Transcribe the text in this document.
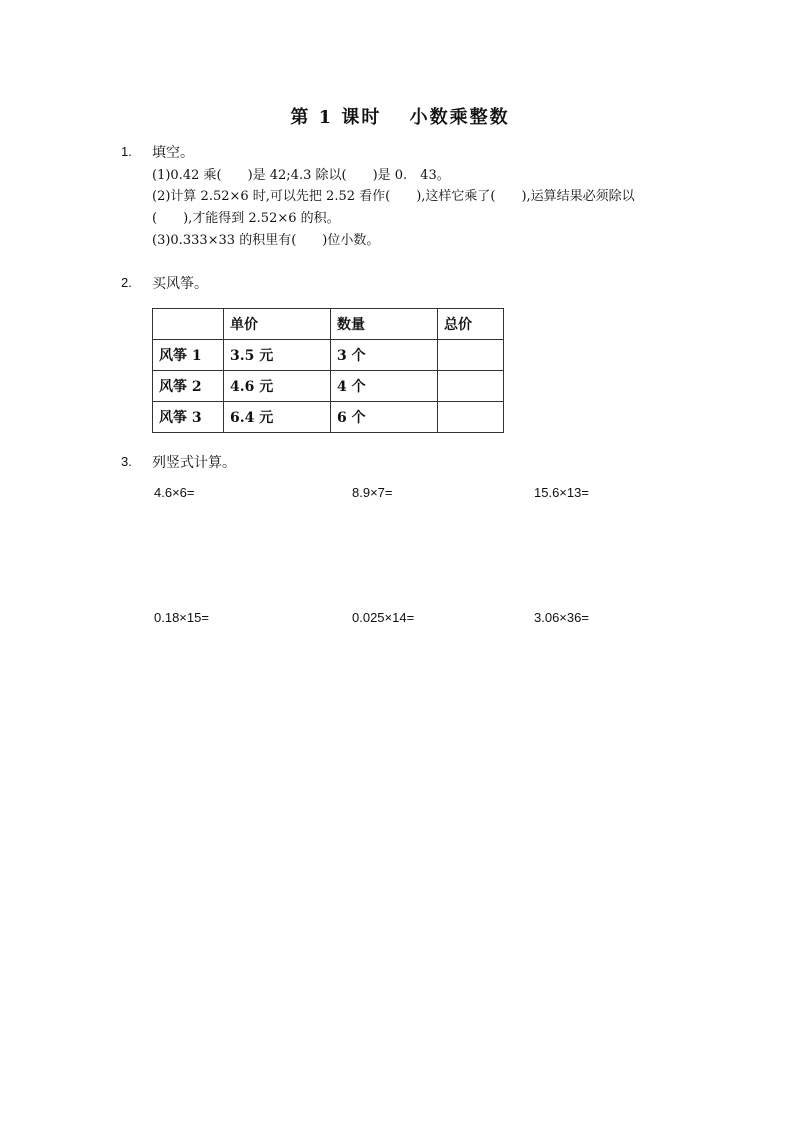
第 1 课时　 小数乘整数
1. 填空。
(1)0.42 乘(　　)是 42;4.3 除以(　　)是 0.　43。
(2)计算 2.52×6 时,可以先把 2.52 看作(　　),这样它乘了(　　),运算结果必须除以
(　　),才能得到 2.52×6 的积。
(3)0.333×33 的积里有(　　)位小数。
2. 买风筝。
	单价	数量	总价
风筝 1	3.5 元	3 个	
风筝 2	4.6 元	4 个	
风筝 3	6.4 元	6 个	
3. 列竖式计算。
4.6×6=	8.9×7=	15.6×13=
0.18×15=	0.025×14=	3.06×36=
